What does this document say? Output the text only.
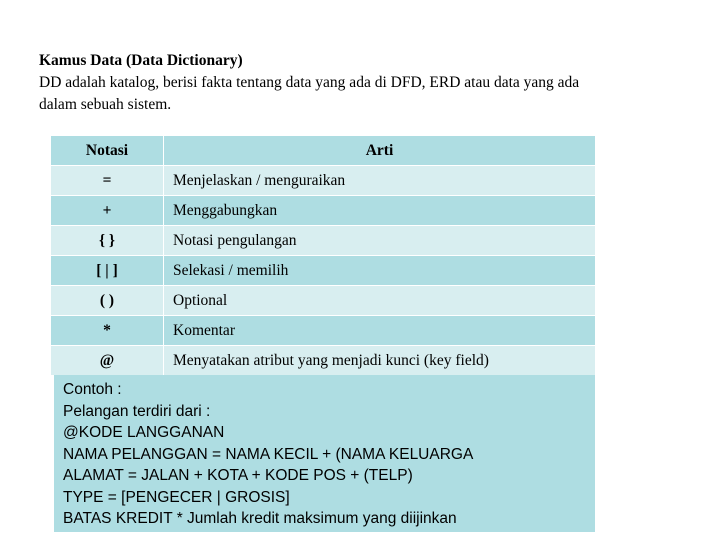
Kamus Data (Data Dictionary)
DD adalah katalog, berisi fakta tentang data yang ada di DFD, ERD atau data yang ada
dalam sebuah sistem.
Notasi	Arti
=	Menjelaskan / menguraikan
+	Menggabungkan
{ }	Notasi pengulangan
[ | ]	Selekasi / memilih
( )	Optional
*	Komentar
@	Menyatakan atribut yang menjadi kunci (key field)
Contoh :
Pelangan terdiri dari :
@KODE LANGGANAN
NAMA PELANGGAN = NAMA KECIL + (NAMA KELUARGA
ALAMAT = JALAN + KOTA + KODE POS + (TELP)
TYPE = [PENGECER | GROSIS]
BATAS KREDIT * Jumlah kredit maksimum yang diijinkan
